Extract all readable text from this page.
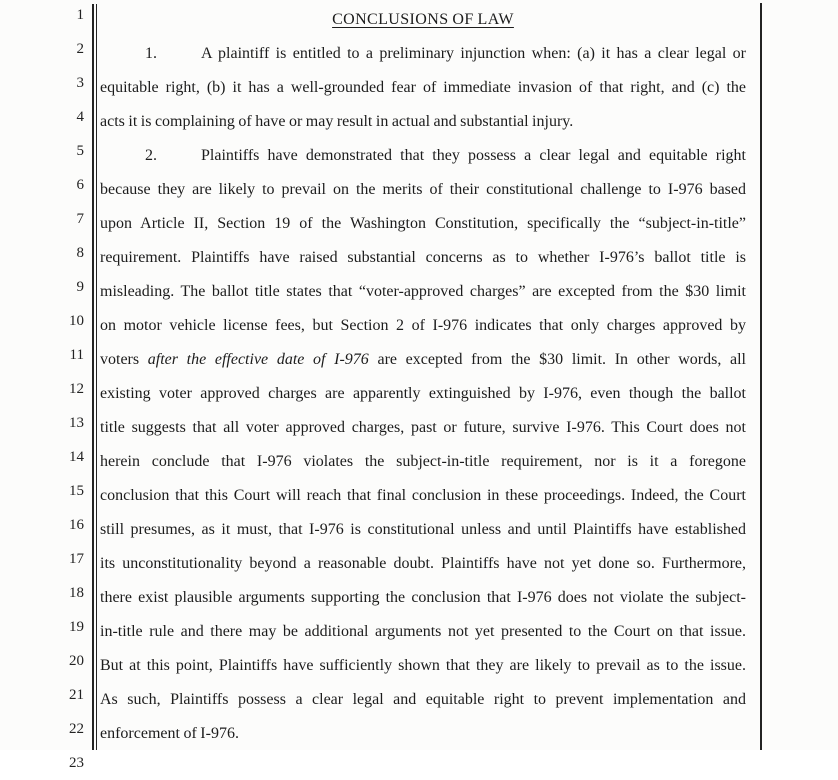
1
2
3
4
5
6
7
8
9
10
11
12
13
14
15
16
17
18
19
20
21
22
23
CONCLUSIONS OF LAW
1.	A plaintiff is entitled to a preliminary injunction when: (a) it has a clear legal or
equitable right, (b) it has a well-grounded fear of immediate invasion of that right, and (c) the
acts it is complaining of have or may result in actual and substantial injury.
2.	Plaintiffs have demonstrated that they possess a clear legal and equitable right
because they are likely to prevail on the merits of their constitutional challenge to I-976 based
upon Article II, Section 19 of the Washington Constitution, specifically the “subject-in-title”
requirement. Plaintiffs have raised substantial concerns as to whether I-976’s ballot title is
misleading. The ballot title states that “voter-approved charges” are excepted from the $30 limit
on motor vehicle license fees, but Section 2 of I-976 indicates that only charges approved by
voters after the effective date of I-976 are excepted from the $30 limit. In other words, all
existing voter approved charges are apparently extinguished by I-976, even though the ballot
title suggests that all voter approved charges, past or future, survive I-976. This Court does not
herein conclude that I-976 violates the subject-in-title requirement, nor is it a foregone
conclusion that this Court will reach that final conclusion in these proceedings. Indeed, the Court
still presumes, as it must, that I-976 is constitutional unless and until Plaintiffs have established
its unconstitutionality beyond a reasonable doubt. Plaintiffs have not yet done so. Furthermore,
there exist plausible arguments supporting the conclusion that I-976 does not violate the subject-
in-title rule and there may be additional arguments not yet presented to the Court on that issue.
But at this point, Plaintiffs have sufficiently shown that they are likely to prevail as to the issue.
As such, Plaintiffs possess a clear legal and equitable right to prevent implementation and
enforcement of I-976.
